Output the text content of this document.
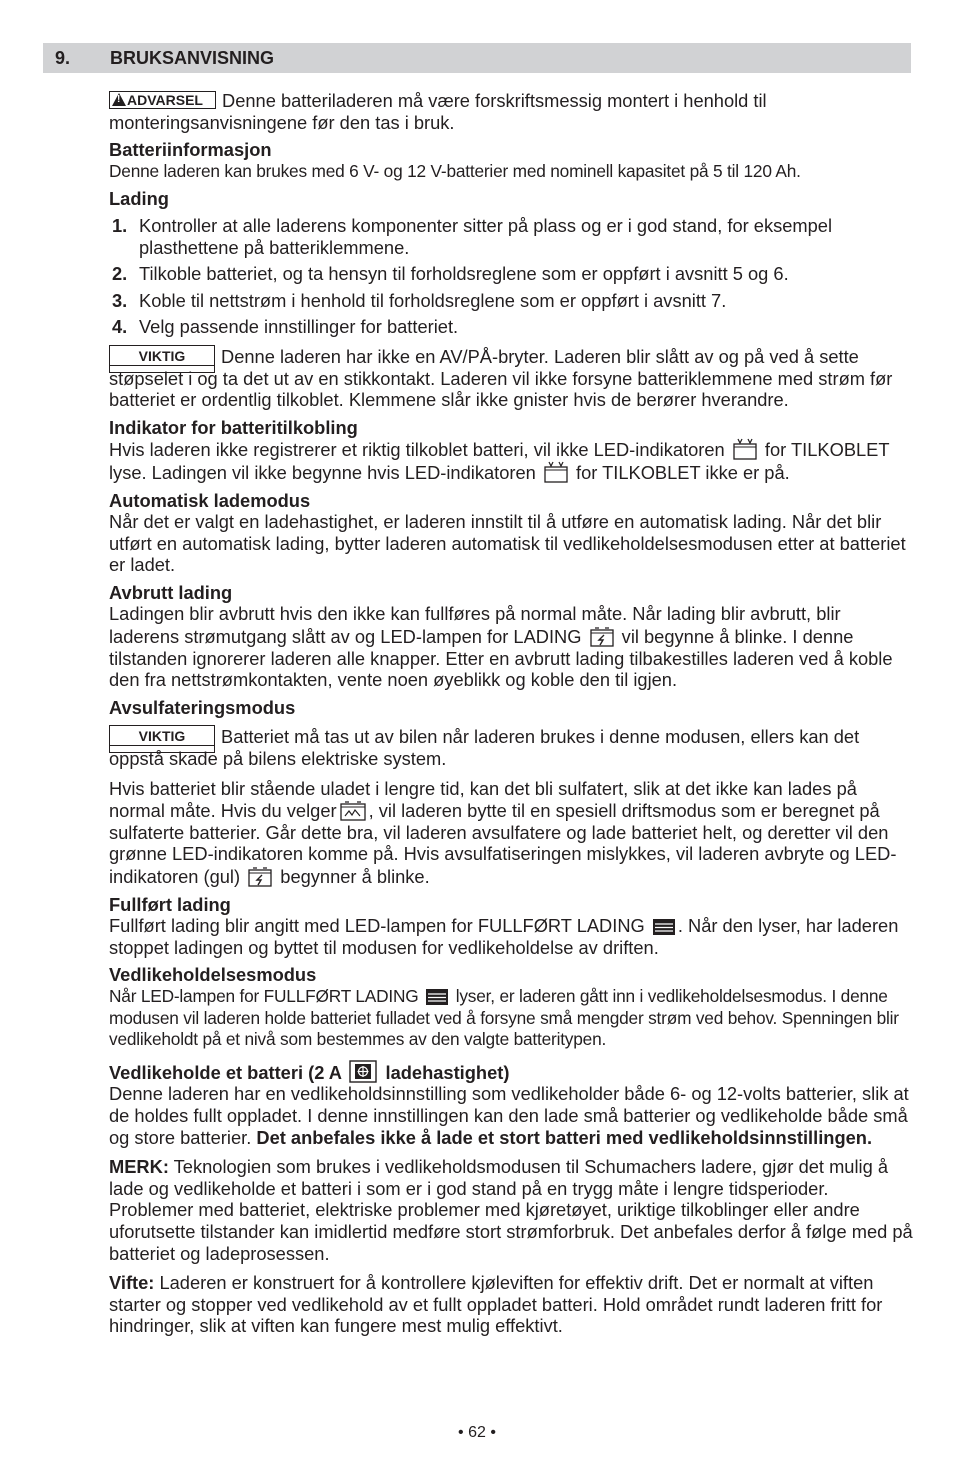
9. BRUKSANVISNING

!ADVARSEL Denne batteriladeren må være forskriftsmessig montert i henhold til monteringsanvisningene før den tas i bruk.

Batteriinformasjon

Denne laderen kan brukes med 6 V- og 12 V-batterier med nominell kapasitet på 5 til 120 Ah.

Lading

1. Kontroller at alle laderens komponenter sitter på plass og er i god stand, for eksempel plasthettene på batteriklemmene.
2. Tilkoble batteriet, og ta hensyn til forholdsreglene som er oppført i avsnitt 5 og 6.
3. Koble til nettstrøm i henhold til forholdsreglene som er oppført i avsnitt 7.
4. Velg passende innstillinger for batteriet.

VIKTIG Denne laderen har ikke en AV/PÅ-bryter. Laderen blir slått av og på ved å sette støpselet i og ta det ut av en stikkontakt. Laderen vil ikke forsyne batteriklemmene med strøm før batteriet er ordentlig tilkoblet. Klemmene slår ikke gnister hvis de berører hverandre.

Indikator for batteritilkobling

Hvis laderen ikke registrerer et riktig tilkoblet batteri, vil ikke LED-indikatoren for TILKOBLET lyse. Ladingen vil ikke begynne hvis LED-indikatoren for TILKOBLET ikke er på.

Automatisk lademodus

Når det er valgt en ladehastighet, er laderen innstilt til å utføre en automatisk lading. Når det blir utført en automatisk lading, bytter laderen automatisk til vedlikeholdelsesmodusen etter at batteriet er ladet.

Avbrutt lading

Ladingen blir avbrutt hvis den ikke kan fullføres på normal måte. Når lading blir avbrutt, blir laderens strømutgang slått av og LED-lampen for LADING vil begynne å blinke. I denne tilstanden ignorerer laderen alle knapper. Etter en avbrutt lading tilbakestilles laderen ved å koble den fra nettstrømkontakten, vente noen øyeblikk og koble den til igjen.

Avsulfateringsmodus

VIKTIG Batteriet må tas ut av bilen når laderen brukes i denne modusen, ellers kan det oppstå skade på bilens elektriske system.

Hvis batteriet blir stående uladet i lengre tid, kan det bli sulfatert, slik at det ikke kan lades på normal måte. Hvis du velger , vil laderen bytte til en spesiell driftsmodus som er beregnet på sulfaterte batterier. Går dette bra, vil laderen avsulfatere og lade batteriet helt, og deretter vil den grønne LED-indikatoren komme på. Hvis avsulfatiseringen mislykkes, vil laderen avbryte og LED-indikatoren (gul) begynner å blinke.

Fullført lading

Fullført lading blir angitt med LED-lampen for FULLFØRT LADING . Når den lyser, har laderen stoppet ladingen og byttet til modusen for vedlikeholdelse av driften.

Vedlikeholdelsesmodus

Når LED-lampen for FULLFØRT LADING lyser, er laderen gått inn i vedlikeholdelsesmodus. I denne modusen vil laderen holde batteriet fulladet ved å forsyne små mengder strøm ved behov. Spenningen blir vedlikeholdt på et nivå som bestemmes av den valgte batteritypen.

Vedlikeholde et batteri (2 A ladehastighet)

Denne laderen har en vedlikeholdsinnstilling som vedlikeholder både 6- og 12-volts batterier, slik at de holdes fullt oppladet. I denne innstillingen kan den lade små batterier og vedlikeholde både små og store batterier. Det anbefales ikke å lade et stort batteri med vedlikeholdsinnstillingen.

MERK: Teknologien som brukes i vedlikeholdsmodusen til Schumachers ladere, gjør det mulig å lade og vedlikeholde et batteri i som er i god stand på en trygg måte i lengre tidsperioder. Problemer med batteriet, elektriske problemer med kjøretøyet, uriktige tilkoblinger eller andre uforutsette tilstander kan imidlertid medføre stort strømforbruk. Det anbefales derfor å følge med på batteriet og ladeprosessen.

Vifte: Laderen er konstruert for å kontrollere kjøleviften for effektiv drift. Det er normalt at viften starter og stopper ved vedlikehold av et fullt oppladet batteri. Hold området rundt laderen fritt for hindringer, slik at viften kan fungere mest mulig effektivt.

• 62 •
